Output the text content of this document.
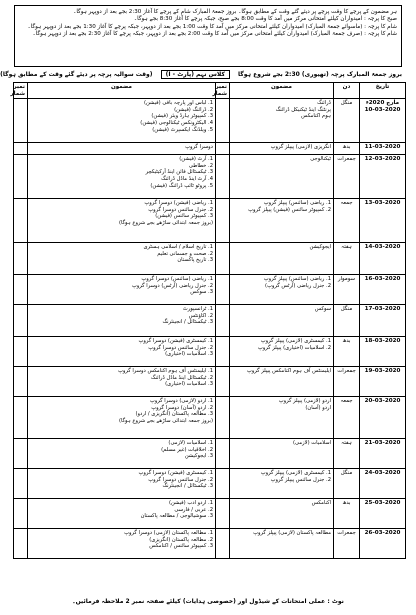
ہر مضمون کے پرچے کا وقت پرچے پر دیئے گئے وقت کے مطابق ہوگا۔ بروز جمعۃ المبارک شام کے پرچے کا آغاز 2:30 بجے بعد از دوپہر ہوگا۔
صبح کا پرچہ : امیدواران کیلئے امتحانی مرکز میں آمد کا وقت 8:00 بجے صبح، جبکہ پرچے کا آغاز 8:30 بجے ہوگا۔
شام کا پرچہ : (ماسوائے جمعۃ المبارک) امیدواران کیلئے امتحانی مرکز میں آمد کا وقت 1:00 بجے بعد از دوپہر، جبکہ پرچے کا آغاز 1:30 بجے بعد از دوپہر ہوگا۔
شام کا پرچہ : (صرف جمعۃ المبارک) امیدواران کیلئے امتحانی مرکز میں آمد کا وقت 2:00 بجے بعد از دوپہر، جبکہ پرچے کا آغاز 2:30 بجے بعد از دوپہر ہوگا۔
بروز جمعۃ المبارک پرچہ (تھیوری) 2:30 بجے شروع ہوگا کلاس نہم (پارٹ - I) (وقت سوالیہ پرچہ پر دیئے گئے وقت کے مطابق ہوگا)
تاریخ	دن	مضمون	نمبر شمار	مضمون	نمبر شمار

مارچ 2020ء
10-03-2020	منگل	ڈرائنگ
پرنٹنگ اینڈ ٹیکنیکل ڈرائنگ
ہوم اکنامکس		1. لباس اور پارچہ بافی (فیشن)
2. ڈرائنگ (فیشن)
3. کمپیوٹر ہارڈ ویئر (فیشن)
4. الیکٹرونکس ٹیکنالوجی (فیشن)
5. ویلڈنگ ایکسپرٹ (فیشن)	

11-03-2020	بدھ	انگریزی (لازمی) پیپلز گروپ		دوسرا گروپ	

12-03-2020	جمعرات	ٹیکنالوجی		1. آرٹ (فیشن)
2. خطاطی
3. ٹیکسٹائل فائن اینڈ آرکیٹیکچر
4. آرٹ اینڈ ماڈل ڈرائنگ
5. پروٹو ٹائپ ڈرائنگ (فیشن)	

13-03-2020	جمعہ	1. ریاضی (سائنس) پیپلز گروپ
2. کمپیوٹر سائنس (فیشن) پیپلز گروپ		1. ریاضی (فیشن) دوسرا گروپ
2. جنرل سائنس دوسرا گروپ
3. کمپیوٹر سائنس (فیشن)
(بروز جمعہ ابتدائی ساڑھے بجے شروع ہوگا)	

14-03-2020	ہفتہ	ایجوکیشن		1. تاریخ اسلام / اسلامی ہسٹری
2. صحت و جسمانی تعلیم
3. تاریخ پاکستان	

16-03-2020	سوموار	1. ریاضی (سائنس) پیپلز گروپ
2. جنرل ریاضی (آرٹس گروپ)		1. ریاضی (سائنس) دوسرا گروپ
2. جنرل ریاضی (آرٹس) دوسرا گروپ
3. سوکس	

17-03-2020	منگل	سوکس		1. ٹرانسپورٹ
2. اکاؤنٹس
3. ٹیکسٹائل / انجینئرنگ	

18-03-2020	بدھ	1. کیمسٹری (لازمی) پیپلز گروپ
2. اسلامیات (اختیاری) پیپلز گروپ		1. کیمسٹری (فیشن) دوسرا گروپ
2. جنرل سائنس دوسرا گروپ
3. اسلامیات (اختیاری)	

19-03-2020	جمعرات	ایلیمنٹس آف ہوم اکنامکس پیپلز گروپ		1. ایلیمنٹس آف ہوم اکنامکس دوسرا گروپ
2. ٹیکسٹائل اینڈ ماڈل ڈرائنگ
3. اسلامیات (اختیاری)	

20-03-2020	جمعہ	اردو (لازمی) پیپلز گروپ
اردو (آسان)		1. اردو (لازمی) دوسرا گروپ
2. اردو (آسان) دوسرا گروپ
3. مطالعہ پاکستان (انگریزی / اردو)
(بروز جمعہ ابتدائی ساڑھے بجے شروع ہوگا)	

21-03-2020	ہفتہ	اسلامیات (لازمی)		1. اسلامیات (لازمی)
2. اخلاقیات (غیر مسلم)
3. ایجوکیشن	

24-03-2020	منگل	1. کیمسٹری (لازمی) پیپلز گروپ
2. جنرل سائنس پیپلز گروپ		1. کیمسٹری (فیشن) دوسرا گروپ
2. جنرل سائنس دوسرا گروپ
3. ٹیکسٹائل / انجینئرنگ	

25-03-2020	بدھ	اکنامکس		1. اردو ادب (فیشن)
2. عربی / فارسی
3. سوشیالوجی / مطالعہ پاکستان	

26-03-2020	جمعرات	مطالعہ پاکستان (لازمی) پیپلز گروپ		1. مطالعہ پاکستان (لازمی) دوسرا گروپ
2. مطالعہ پاکستان (انگریزی)
3. کمپیوٹر سائنس / اکنامکس	

نوٹ : عملی امتحانات کے شیڈول اور (خصوصی ہدایات) کیلئے صفحہ نمبر 2 ملاحظہ فرمائیں۔
